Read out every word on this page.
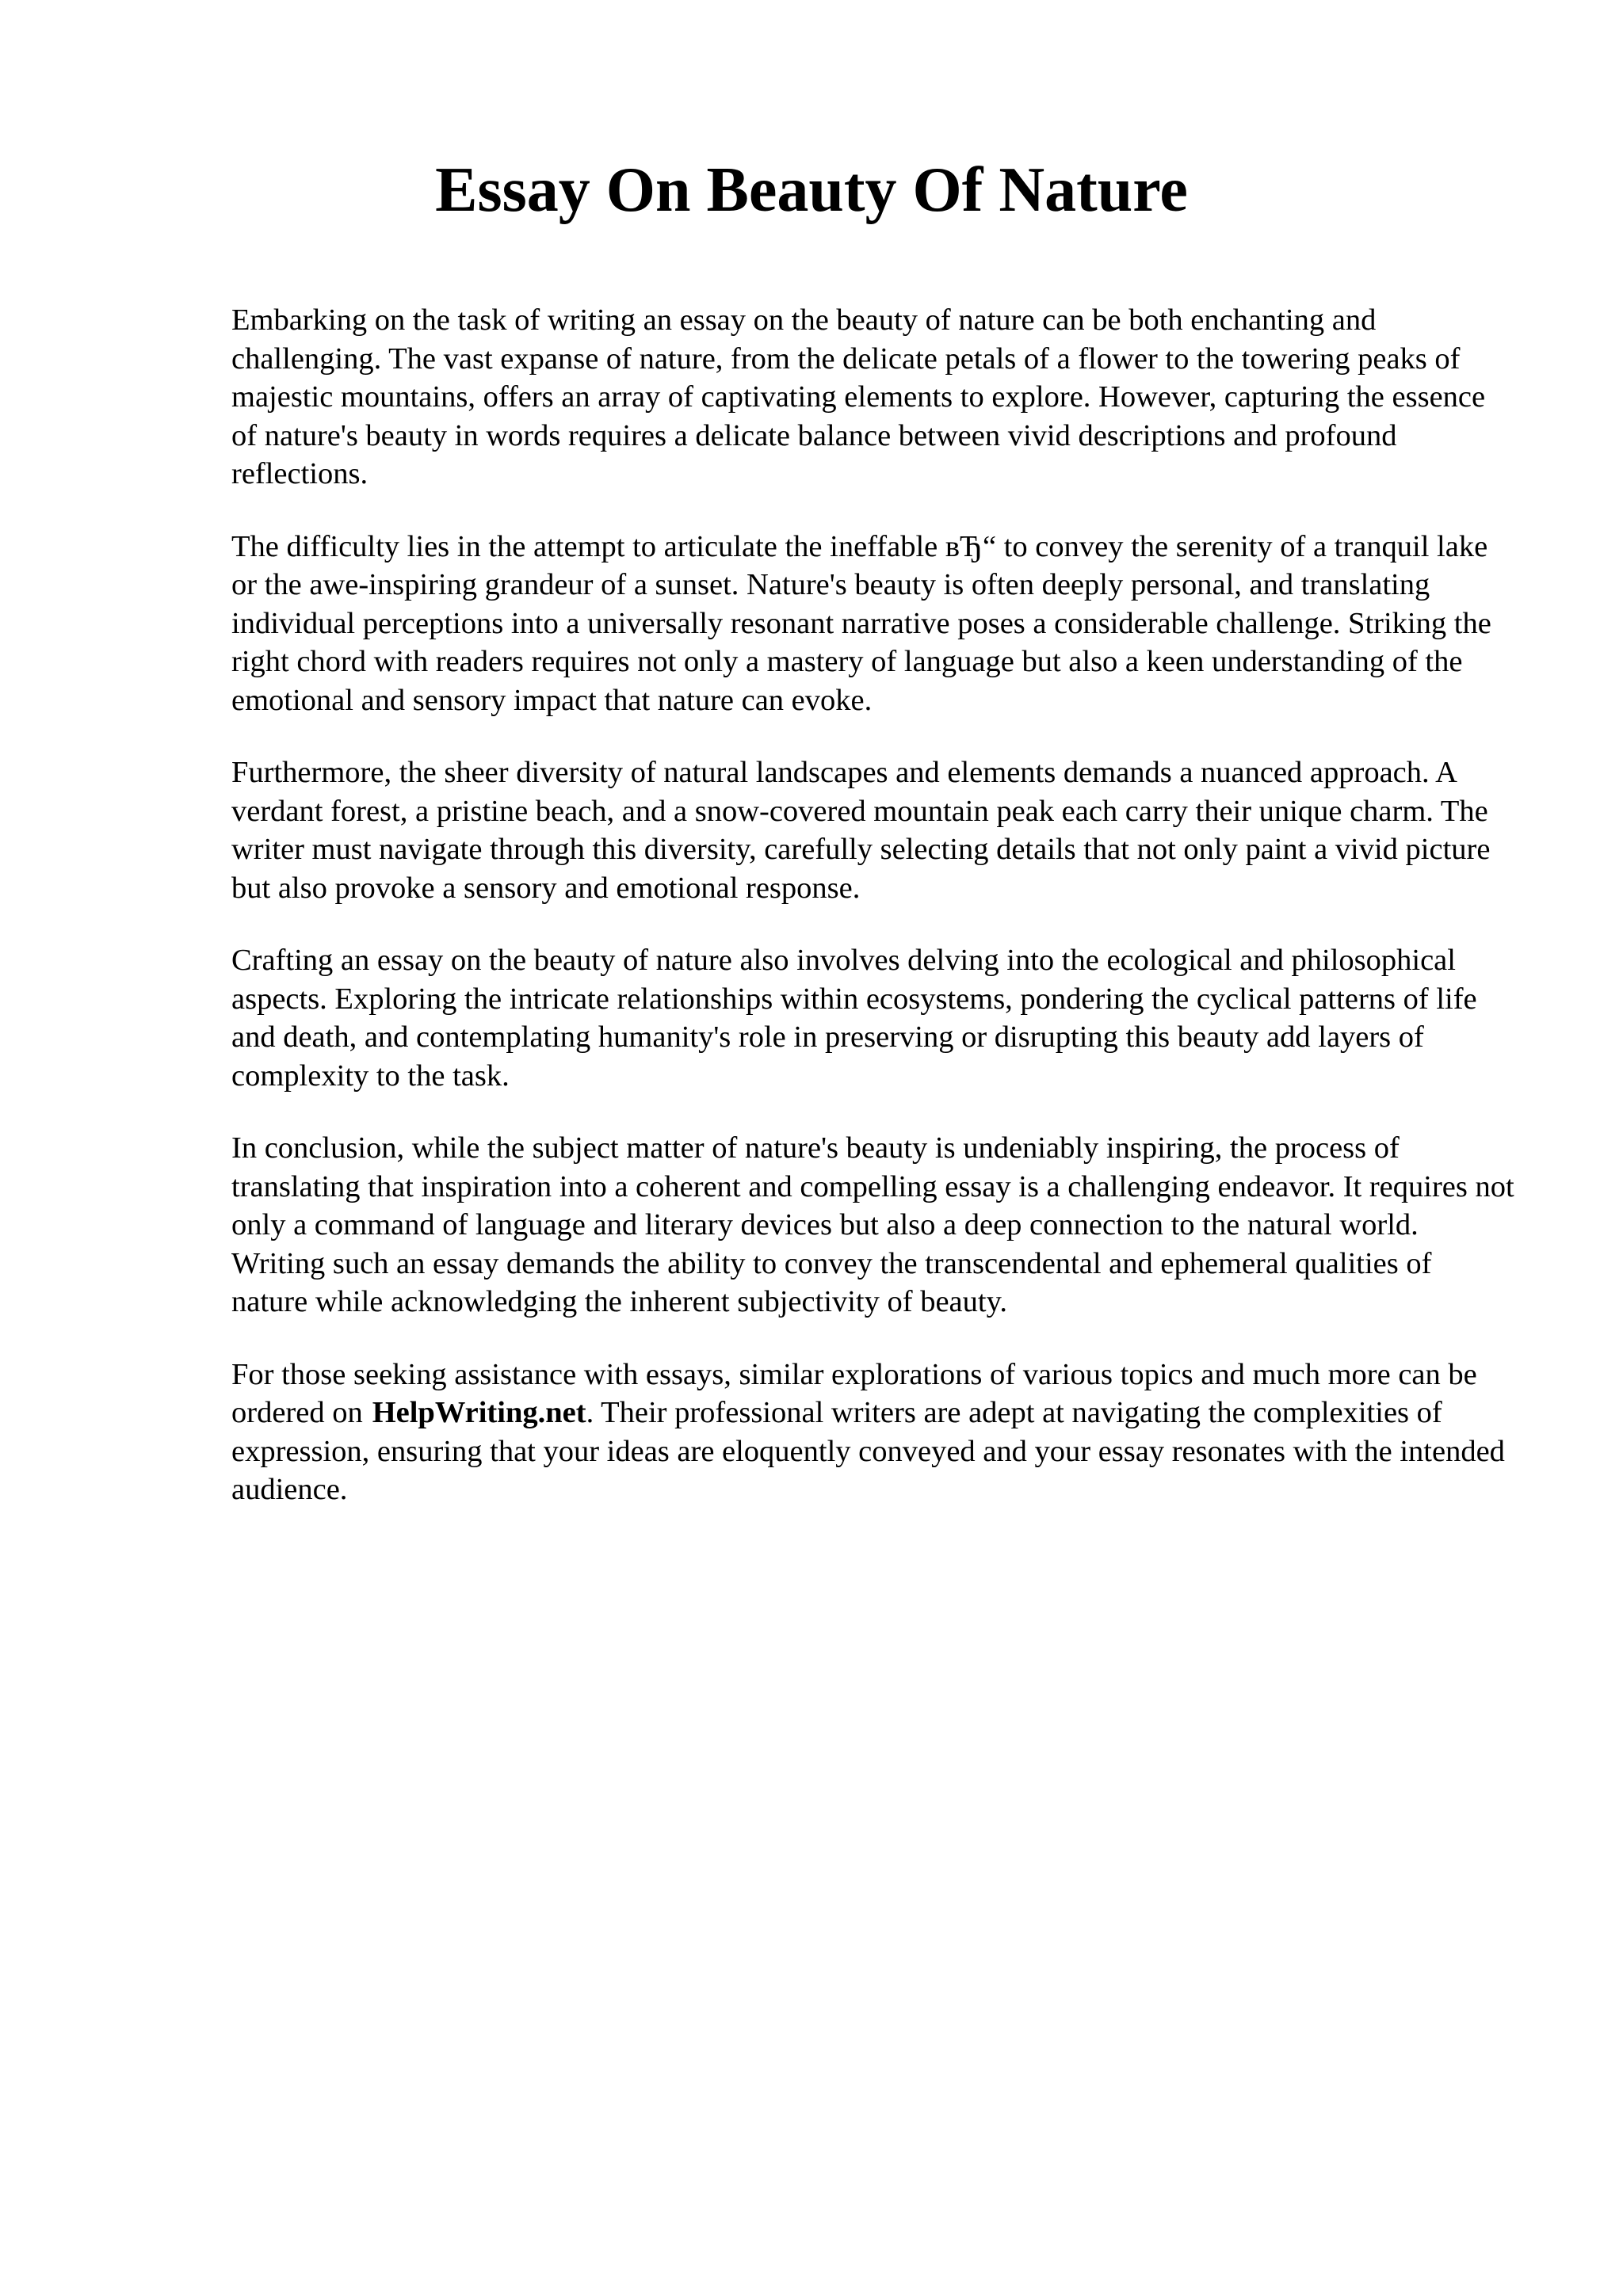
Essay On Beauty Of Nature

Embarking on the task of writing an essay on the beauty of nature can be both enchanting and challenging. The vast expanse of nature, from the delicate petals of a flower to the towering peaks of majestic mountains, offers an array of captivating elements to explore. However, capturing the essence of nature's beauty in words requires a delicate balance between vivid descriptions and profound reflections.

The difficulty lies in the attempt to articulate the ineffable вЂ“ to convey the serenity of a tranquil lake or the awe-inspiring grandeur of a sunset. Nature's beauty is often deeply personal, and translating individual perceptions into a universally resonant narrative poses a considerable challenge. Striking the right chord with readers requires not only a mastery of language but also a keen understanding of the emotional and sensory impact that nature can evoke.

Furthermore, the sheer diversity of natural landscapes and elements demands a nuanced approach. A verdant forest, a pristine beach, and a snow-covered mountain peak each carry their unique charm. The writer must navigate through this diversity, carefully selecting details that not only paint a vivid picture but also provoke a sensory and emotional response.

Crafting an essay on the beauty of nature also involves delving into the ecological and philosophical aspects. Exploring the intricate relationships within ecosystems, pondering the cyclical patterns of life and death, and contemplating humanity's role in preserving or disrupting this beauty add layers of complexity to the task.

In conclusion, while the subject matter of nature's beauty is undeniably inspiring, the process of translating that inspiration into a coherent and compelling essay is a challenging endeavor. It requires not only a command of language and literary devices but also a deep connection to the natural world. Writing such an essay demands the ability to convey the transcendental and ephemeral qualities of nature while acknowledging the inherent subjectivity of beauty.

For those seeking assistance with essays, similar explorations of various topics and much more can be ordered on HelpWriting.net. Their professional writers are adept at navigating the complexities of expression, ensuring that your ideas are eloquently conveyed and your essay resonates with the intended audience.
